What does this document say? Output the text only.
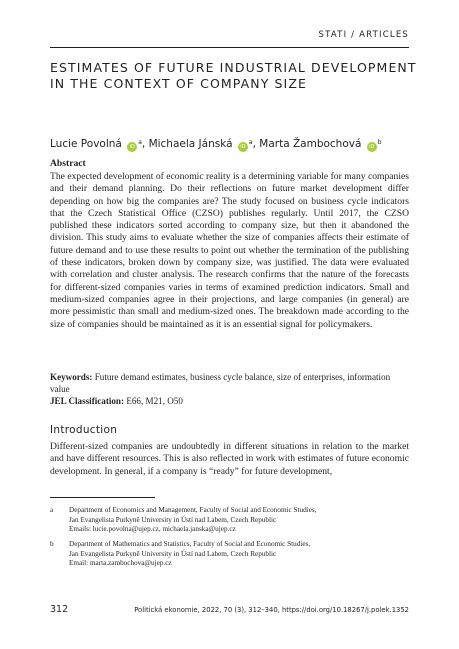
STATI / ARTICLES
ESTIMATES OF FUTURE INDUSTRIAL DEVELOPMENT
IN THE CONTEXT OF COMPANY SIZE
Lucie Povolná iD$^a$, Michaela Jánská iD$^a$, Marta Žambochová iD$^b$
Abstract

The expected development of economic reality is a determining variable for many companies and their demand planning. Do their reflections on future market development differ depending on how big the companies are? The study focused on business cycle indicators that the Czech Statistical Office (CZSO) publishes regularly. Until 2017, the CZSO published these indicators sorted according to company size, but then it abandoned the division. This study aims to evaluate whether the size of companies affects their estimate of future demand and to use these results to point out whether the termination of the publishing of these indicators, broken down by company size, was justified. The data were evaluated with correlation and cluster analysis. The research confirms that the nature of the forecasts for different-sized companies varies in terms of examined prediction indicators. Small and medium-sized companies agree in their projections, and large companies (in general) are more pessimistic than small and medium-sized ones. The breakdown made according to the size of companies should be maintained as it is an essential signal for policymakers.

Keywords: Future demand estimates, business cycle balance, size of enterprises, information value

JEL Classification: E66, M21, O50

Introduction

Different-sized companies are undoubtedly in different situations in relation to the market and have different resources. This is also reflected in work with estimates of future economic development. In general, if a company is “ready” for future development,

a Department of Economics and Management, Faculty of Social and Economic Studies,
Jan Evangelista Purkyně University in Ústí nad Labem, Czech Republic
Emails: lucie.povolna@ujep.cz, michaela.janska@ujep.cz
b Department of Mathematics and Statistics, Faculty of Social and Economic Studies,
Jan Evangelista Purkyně University in Ústí nad Labem, Czech Republic
Email: marta.zambochova@ujep.cz
312	Politická ekonomie, 2022, 70 (3), 312–340, https://doi.org/10.18267/j.polek.1352
